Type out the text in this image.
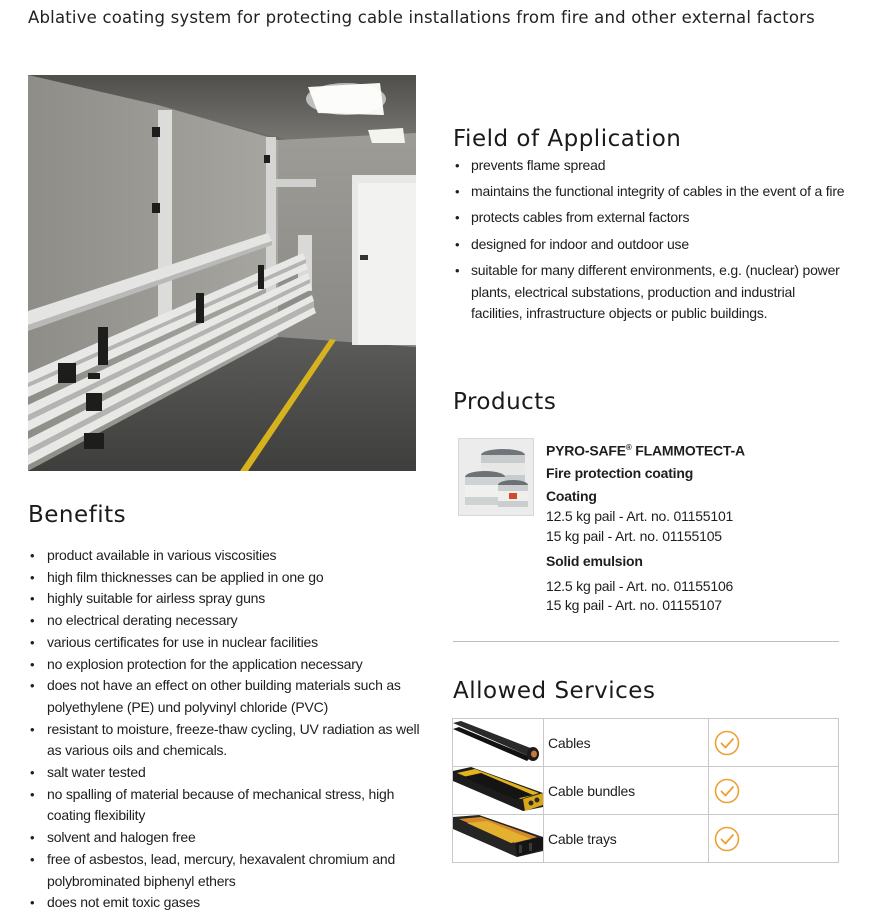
Ablative coating system for protecting cable installations from fire and other external factors
Benefits
• product available in various viscosities
• high film thicknesses can be applied in one go
• highly suitable for airless spray guns
• no electrical derating necessary
• various certificates for use in nuclear facilities
• no explosion protection for the application necessary
• does not have an effect on other building materials such as polyethylene (PE) und polyvinyl chloride (PVC)
• resistant to moisture, freeze-thaw cycling, UV radiation as well as various oils and chemicals.
• salt water tested
• no spalling of material because of mechanical stress, high coating flexibility
• solvent and halogen free
• free of asbestos, lead, mercury, hexavalent chromium and polybrominated biphenyl ethers
• does not emit toxic gases
Field of Application
• prevents flame spread
• maintains the functional integrity of cables in the event of a fire
• protects cables from external factors
• designed for indoor and outdoor use
• suitable for many different environments, e.g. (nuclear) power plants, electrical substations, production and industrial facilities, infrastructure objects or public buildings.
Products
PYRO-SAFE® FLAMMOTECT-A
Fire protection coating
Coating
12.5 kg pail - Art. no. 01155101
15 kg pail - Art. no. 01155105
Solid emulsion
12.5 kg pail - Art. no. 01155106
15 kg pail - Art. no. 01155107
Allowed Services
	Cables	
	Cable bundles	
	Cable trays	
